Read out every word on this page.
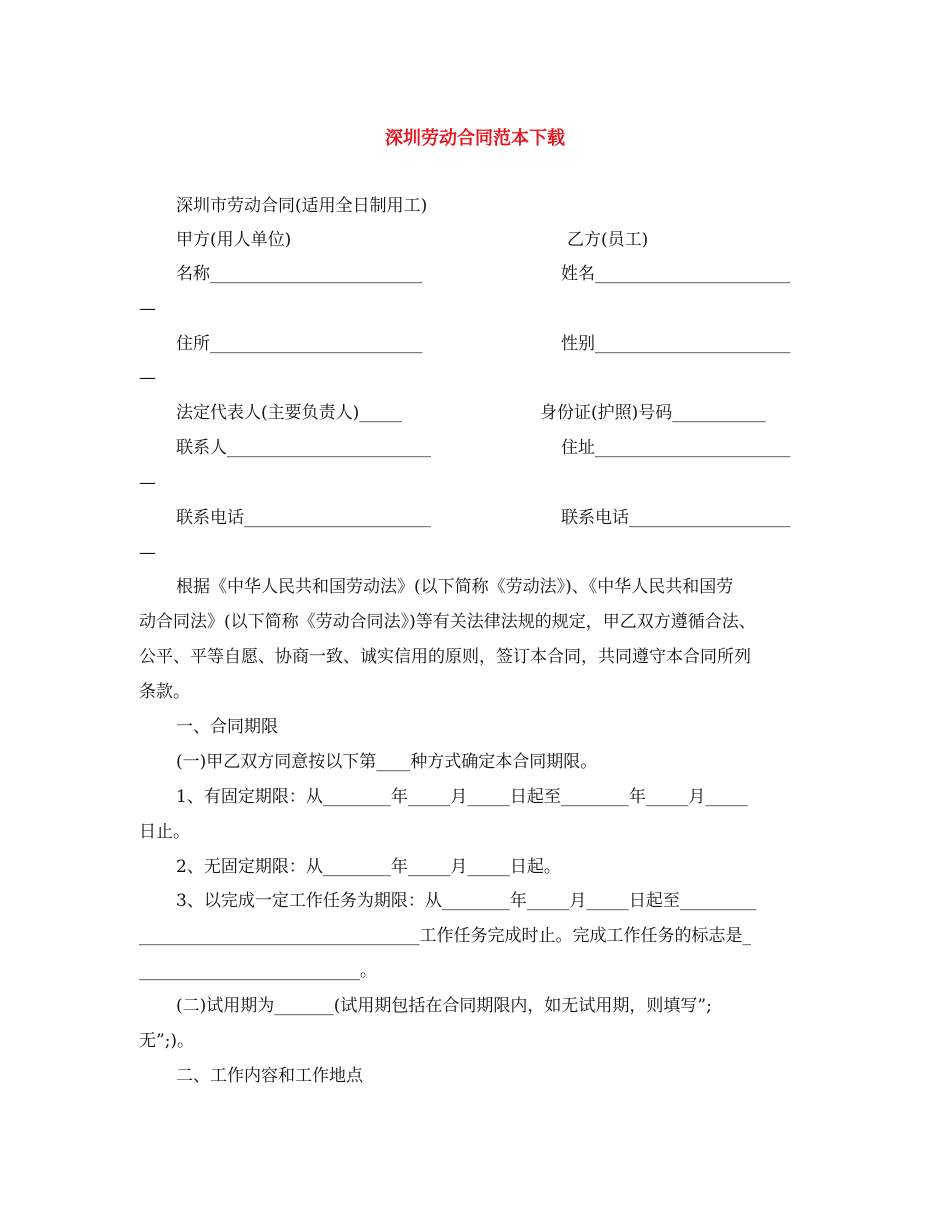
深圳劳动合同范本下载
深圳市劳动合同(适用全日制用工)
甲方(用人单位)	乙方(员工)
名称_________________________	姓名_______________________
—
住所_________________________	性别_______________________
—
法定代表人(主要负责人)_____	身份证(护照)号码___________
联系人________________________	住址_______________________
—
联系电话______________________	联系电话___________________
—
根据《中华人民共和国劳动法》(以下简称《劳动法》)、《中华人民共和国劳
动合同法》(以下简称《劳动合同法》)等有关法律法规的规定，甲乙双方遵循合法、
公平、平等自愿、协商一致、诚实信用的原则，签订本合同，共同遵守本合同所列
条款。
一、合同期限
(一)甲乙双方同意按以下第____种方式确定本合同期限。
1、有固定期限：从________年_____月_____日起至________年_____月_____
日止。
2、无固定期限：从________年_____月_____日起。
3、以完成一定工作任务为期限：从________年_____月_____日起至_________
_________________________________工作任务完成时止。完成工作任务的标志是_
__________________________。
(二)试用期为_______(试用期包括在合同期限内，如无试用期，则填写”;
无”;)。
二、工作内容和工作地点
